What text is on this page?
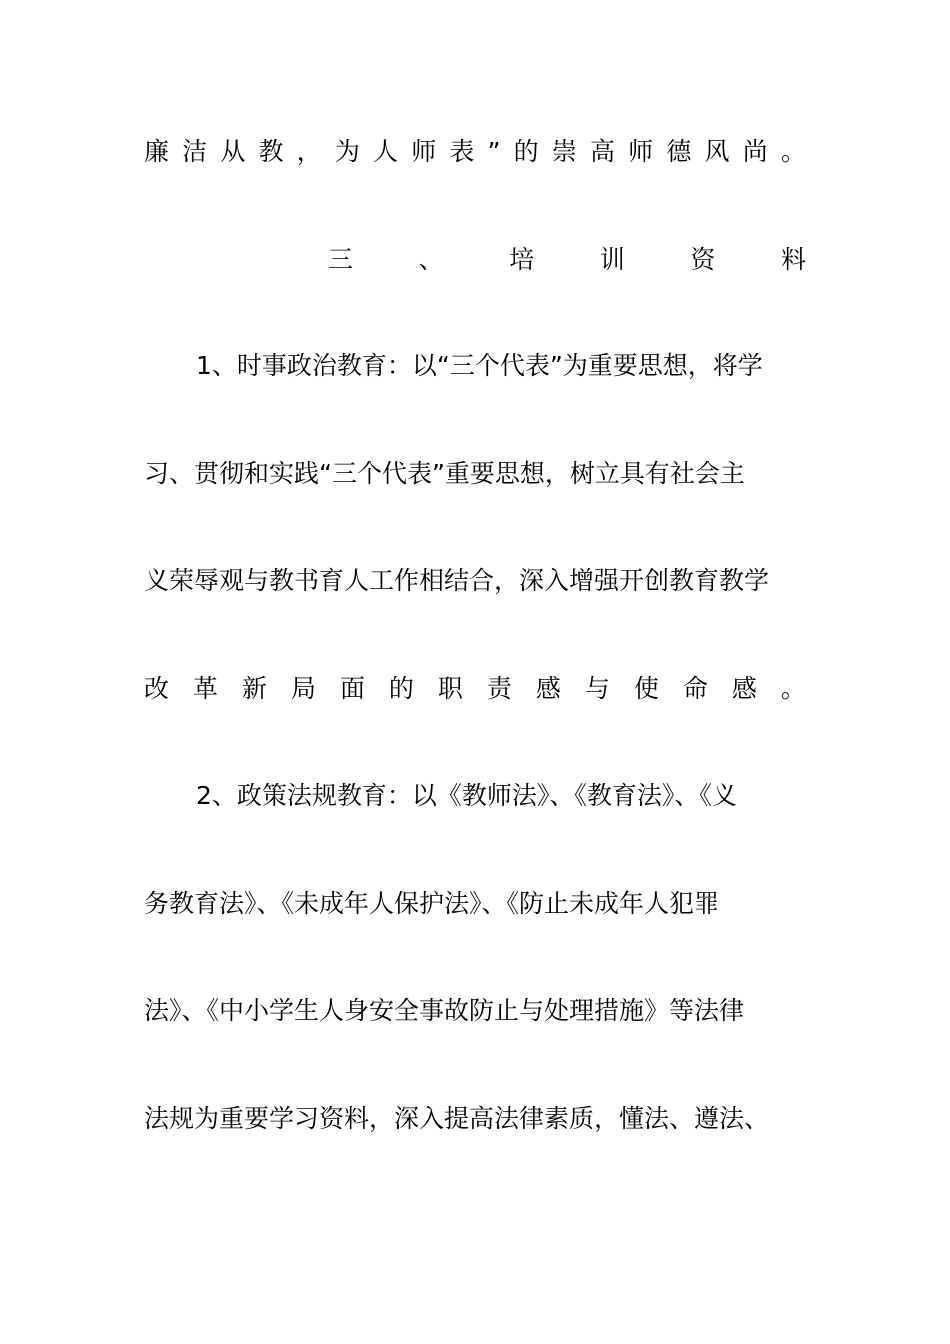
廉 洁 从 教 ， 为 人 师 表 ” 的 崇 高 师 德 风 尚 。
三	、	培	训	资	料
1、时事政治教育：以“三个代表”为重要思想，将学
习、贯彻和实践“三个代表”重要思想，树立具有社会主
义荣辱观与教书育人工作相结合，深入增强开创教育教学
改 革 新 局 面 的 职 责 感 与 使 命 感 。
2、政策法规教育：以《教师法》、《教育法》、《义
务教育法》、《未成年人保护法》、《防止未成年人犯罪
法》、《中小学生人身安全事故防止与处理措施》等法律
法规为重要学习资料，深入提高法律素质，懂法、遵法、
